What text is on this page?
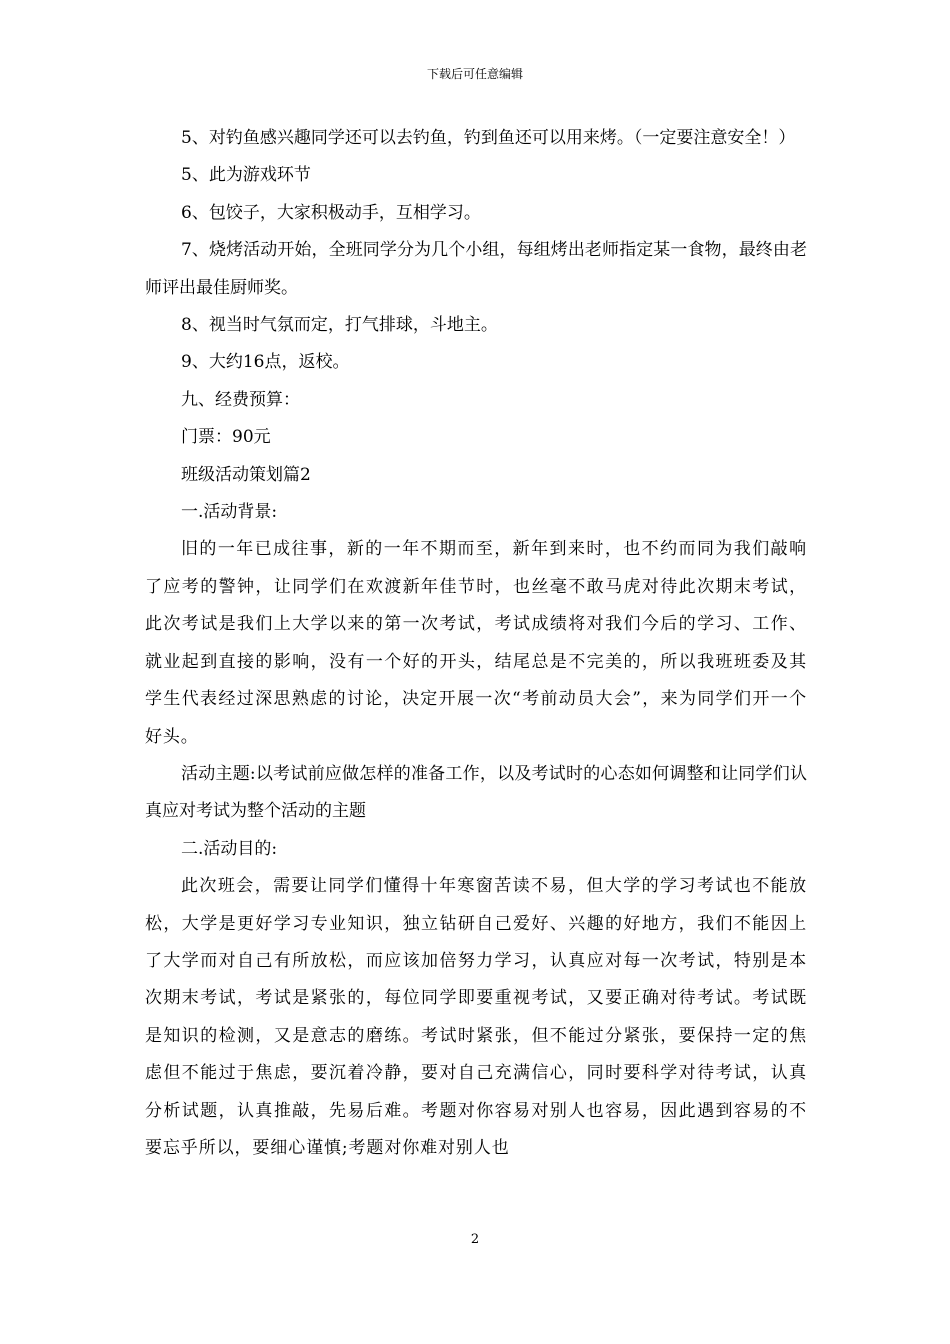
下载后可任意编辑

5、对钓鱼感兴趣同学还可以去钓鱼，钓到鱼还可以用来烤。（一定要注意安全！）

5、此为游戏环节

6、包饺子，大家积极动手，互相学习。

7、烧烤活动开始，全班同学分为几个小组，每组烤出老师指定某一食物，最终由老师评出最佳厨师奖。

8、视当时气氛而定，打气排球，斗地主。

9、大约16点，返校。

九、经费预算：

门票：90元

班级活动策划篇2

一.活动背景:

旧的一年已成往事，新的一年不期而至，新年到来时，也不约而同为我们敲响了应考的警钟，让同学们在欢渡新年佳节时，也丝毫不敢马虎对待此次期末考试，此次考试是我们上大学以来的第一次考试，考试成绩将对我们今后的学习、工作、就业起到直接的影响，没有一个好的开头，结尾总是不完美的，所以我班班委及其学生代表经过深思熟虑的讨论，决定开展一次“考前动员大会”，来为同学们开一个好头。

活动主题:以考试前应做怎样的准备工作，以及考试时的心态如何调整和让同学们认真应对考试为整个活动的主题

二.活动目的:

此次班会，需要让同学们懂得十年寒窗苦读不易，但大学的学习考试也不能放松，大学是更好学习专业知识，独立钻研自己爱好、兴趣的好地方，我们不能因上了大学而对自己有所放松，而应该加倍努力学习，认真应对每一次考试，特别是本次期末考试，考试是紧张的，每位同学即要重视考试，又要正确对待考试。考试既是知识的检测，又是意志的磨练。考试时紧张，但不能过分紧张，要保持一定的焦虑但不能过于焦虑，要沉着冷静，要对自己充满信心，同时要科学对待考试，认真分析试题，认真推敲，先易后难。考题对你容易对别人也容易，因此遇到容易的不要忘乎所以，要细心谨慎;考题对你难对别人也

2
